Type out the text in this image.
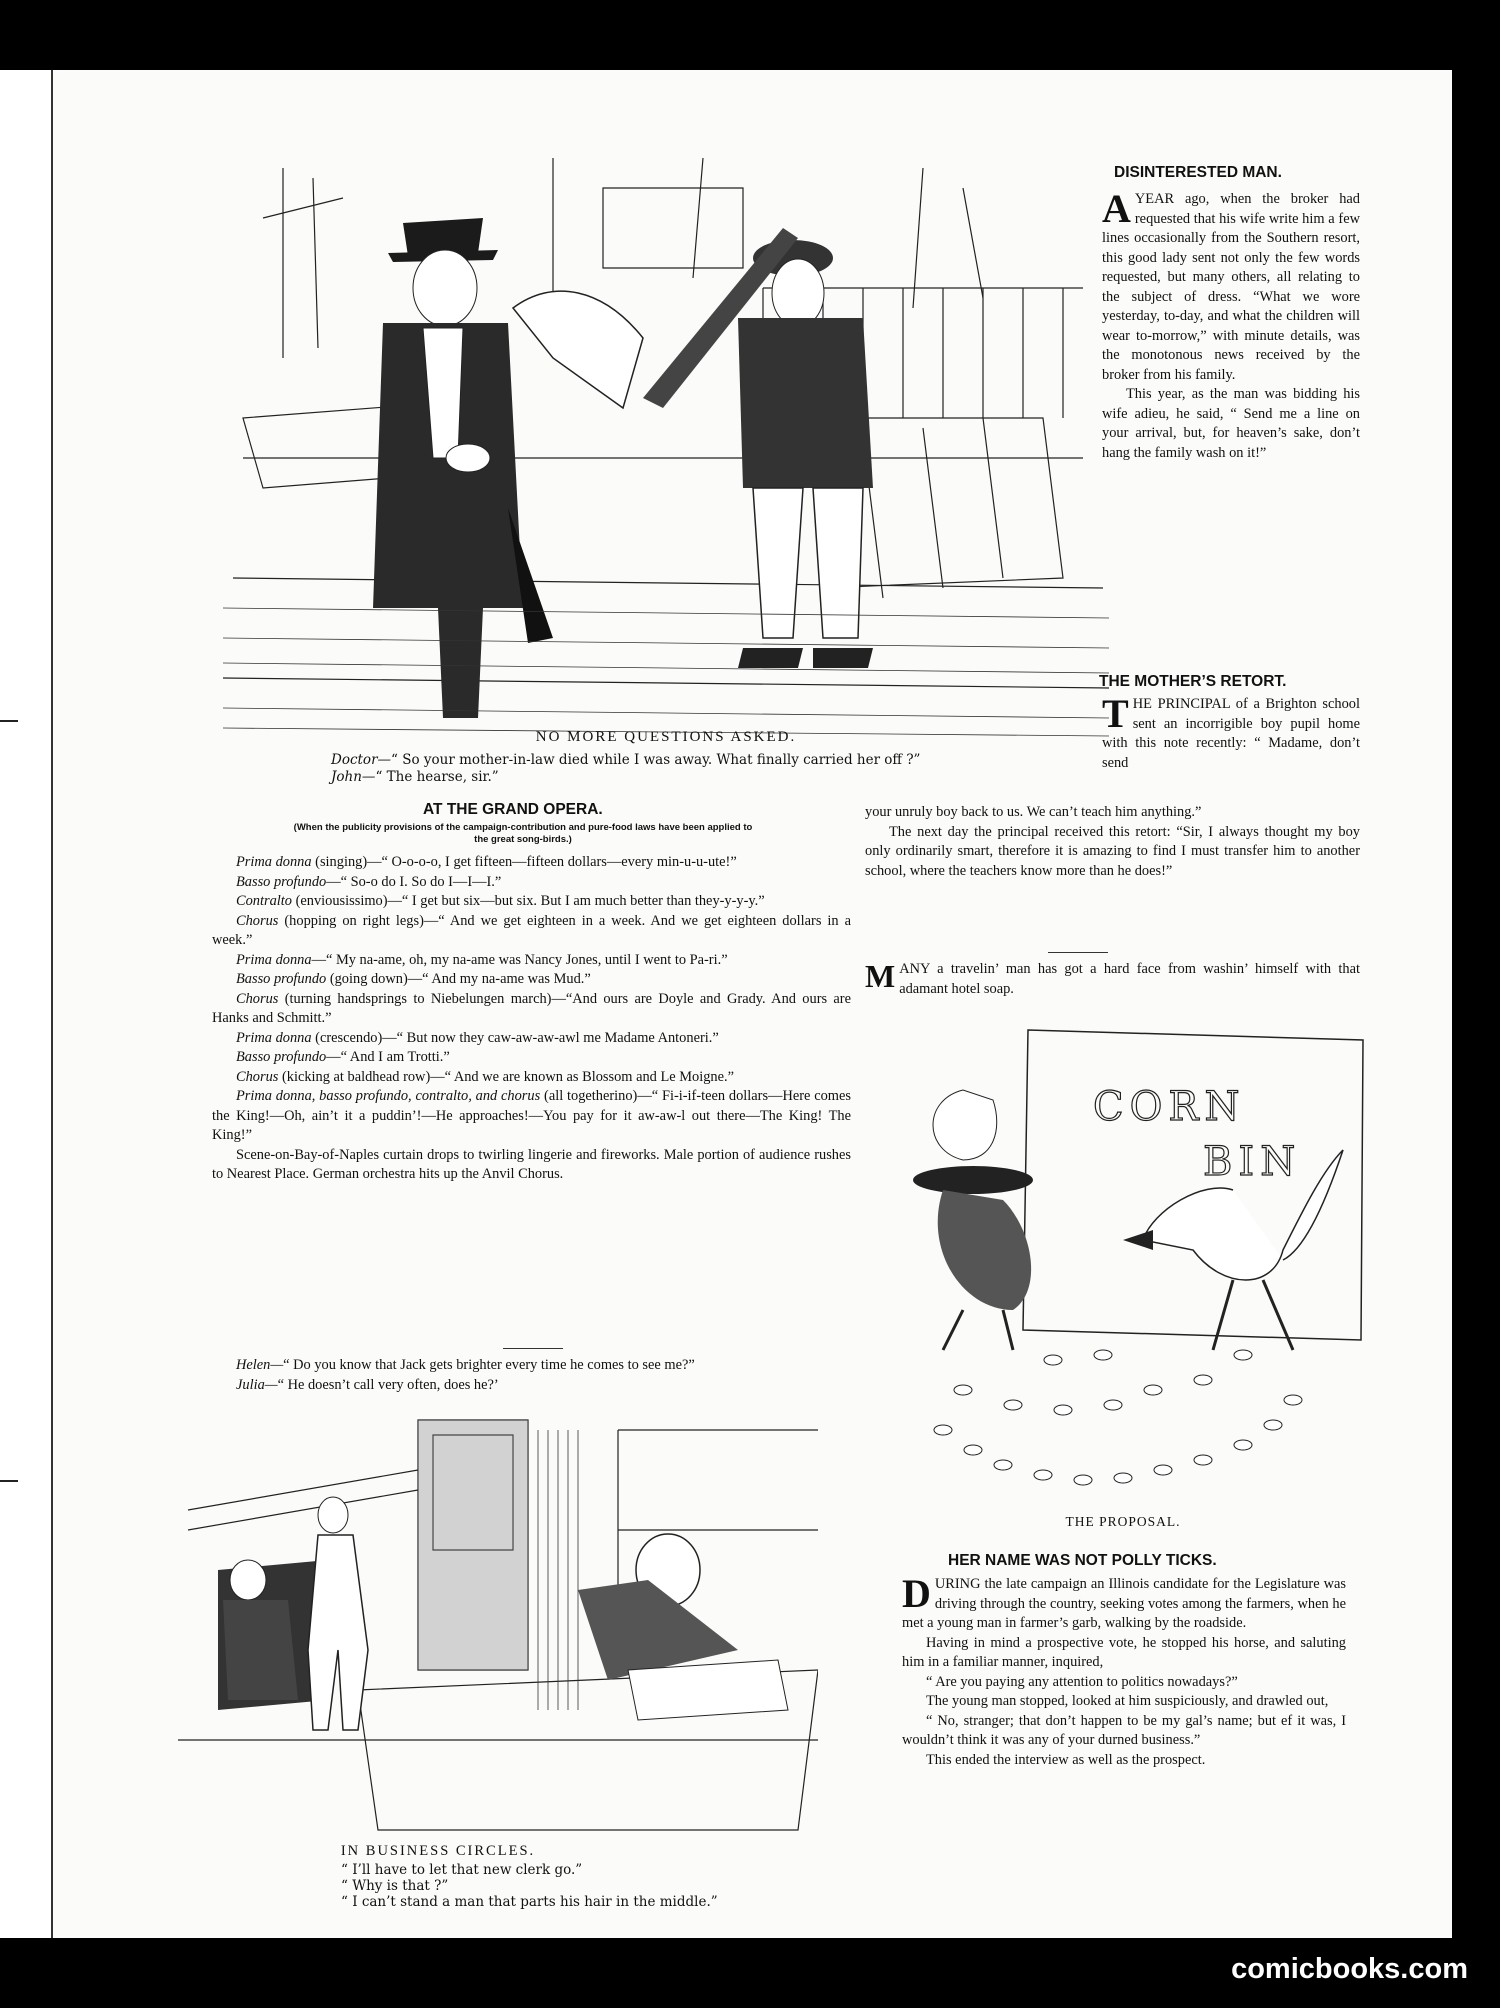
NO MORE QUESTIONS ASKED.
Doctor—“ So your mother-in-law died while I was away. What finally carried her off ?”
John—“ The hearse, sir.”
DISINTERESTED MAN.

AYEAR ago, when the broker had requested that his wife write him a few lines occasionally from the Southern resort, this good lady sent not only the few words requested, but many others, all relating to the subject of dress. “What we wore yesterday, to-day, and what the children will wear to-morrow,” with minute details, was the monotonous news received by the broker from his family.

This year, as the man was bidding his wife adieu, he said, “ Send me a line on your arrival, but, for heaven’s sake, don’t hang the family wash on it!”

THE MOTHER’S RETORT.

THE PRINCIPAL of a Brighton school sent an incorrigible boy pupil home with this note recently: “ Madame, don’t send

your unruly boy back to us. We can’t teach him anything.”

The next day the principal received this retort: “Sir, I always thought my boy only ordinarily smart, therefore it is amazing to find I must transfer him to another school, where the teachers know more than he does!”

MANY a travelin’ man has got a hard face from washin’ himself with that adamant hotel soap.

CORN
BIN
THE PROPOSAL.
HER NAME WAS NOT POLLY TICKS.

DURING the late campaign an Illinois candidate for the Legislature was driving through the country, seeking votes among the farmers, when he met a young man in farmer’s garb, walking by the roadside.

Having in mind a prospective vote, he stopped his horse, and saluting him in a familiar manner, inquired,

“ Are you paying any attention to politics nowadays?”

The young man stopped, looked at him suspiciously, and drawled out,

“ No, stranger; that don’t happen to be my gal’s name; but ef it was, I wouldn’t think it was any of your durned business.”

This ended the interview as well as the prospect.

AT THE GRAND OPERA.
(When the publicity provisions of the campaign-contribution and pure-food laws have been applied to the great song-birds.)

Prima donna (singing)—“ O-o-o-o, I get fifteen—fifteen dollars—every min-u-u-ute!”

Basso profundo—“ So-o do I. So do I—I—I.”

Contralto (enviousissimo)—“ I get but six—but six. But I am much better than they-y-y-y.”

Chorus (hopping on right legs)—“ And we get eighteen in a week. And we get eighteen dollars in a week.”

Prima donna—“ My na-ame, oh, my na-ame was Nancy Jones, until I went to Pa-ri.”

Basso profundo (going down)—“ And my na-ame was Mud.”

Chorus (turning handsprings to Niebelungen march)—“And ours are Doyle and Grady. And ours are Hanks and Schmitt.”

Prima donna (crescendo)—“ But now they caw-aw-aw-awl me Madame Antoneri.”

Basso profundo—“ And I am Trotti.”

Chorus (kicking at baldhead row)—“ And we are known as Blossom and Le Moigne.”

Prima donna, basso profundo, contralto, and chorus (all togetherino)—“ Fi-i-if-teen dollars—Here comes the King!—Oh, ain’t it a puddin’!—He approaches!—You pay for it aw-aw-l out there—The King! The King!”

Scene-on-Bay-of-Naples curtain drops to twirling lingerie and fireworks. Male portion of audience rushes to Nearest Place. German orchestra hits up the Anvil Chorus.

Helen—“ Do you know that Jack gets brighter every time he comes to see me?”

Julia—“ He doesn’t call very often, does he?’

IN BUSINESS CIRCLES.
“ I’ll have to let that new clerk go.”
“ Why is that ?”
“ I can’t stand a man that parts his hair in the middle.”
comicbooks.com
